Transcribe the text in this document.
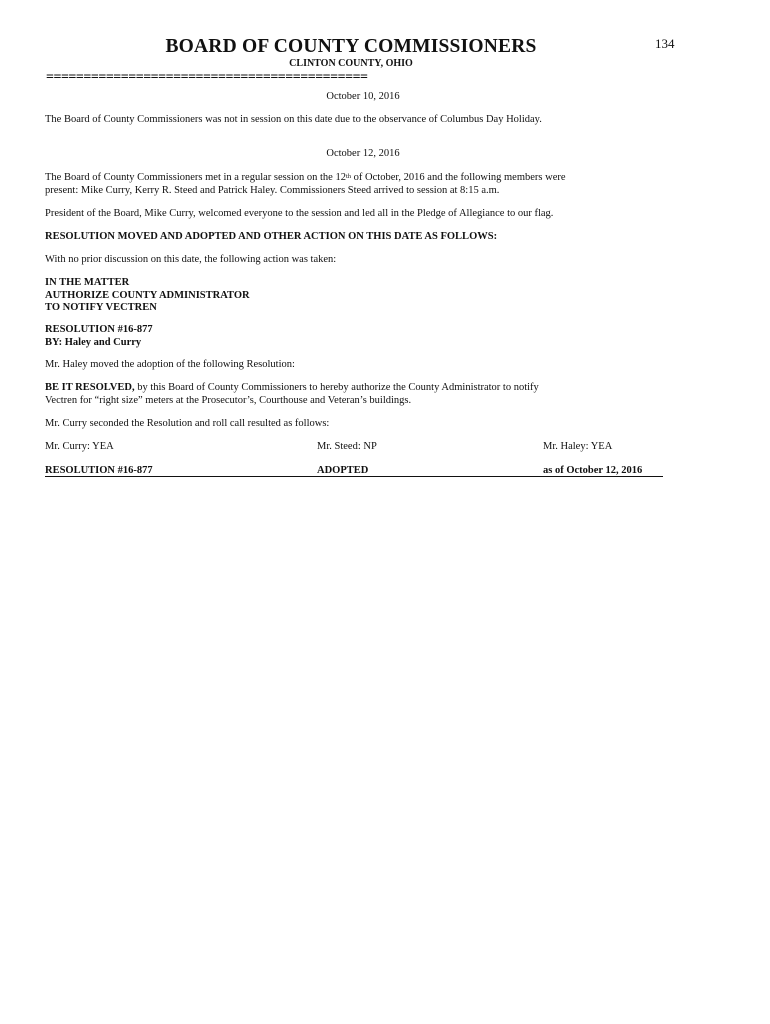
134
BOARD OF COUNTY COMMISSIONERS
CLINTON COUNTY, OHIO
===========================================
October 10, 2016
The Board of County Commissioners was not in session on this date due to the observance of Columbus Day Holiday.
October 12, 2016
The Board of County Commissioners met in a regular session on the 12th of October, 2016 and the following members were
present: Mike Curry, Kerry R. Steed and Patrick Haley. Commissioners Steed arrived to session at 8:15 a.m.
President of the Board, Mike Curry, welcomed everyone to the session and led all in the Pledge of Allegiance to our flag.
RESOLUTION MOVED AND ADOPTED AND OTHER ACTION ON THIS DATE AS FOLLOWS:
With no prior discussion on this date, the following action was taken:
IN THE MATTER
AUTHORIZE COUNTY ADMINISTRATOR
TO NOTIFY VECTREN
RESOLUTION #16-877
BY: Haley and Curry
Mr. Haley moved the adoption of the following Resolution:
BE IT RESOLVED, by this Board of County Commissioners to hereby authorize the County Administrator to notify
Vectren for “right size” meters at the Prosecutor’s, Courthouse and Veteran’s buildings.
Mr. Curry seconded the Resolution and roll call resulted as follows:
Mr. Curry: YEA	Mr. Steed: NP	Mr. Haley: YEA
RESOLUTION #16-877	ADOPTED	as of October 12, 2016
